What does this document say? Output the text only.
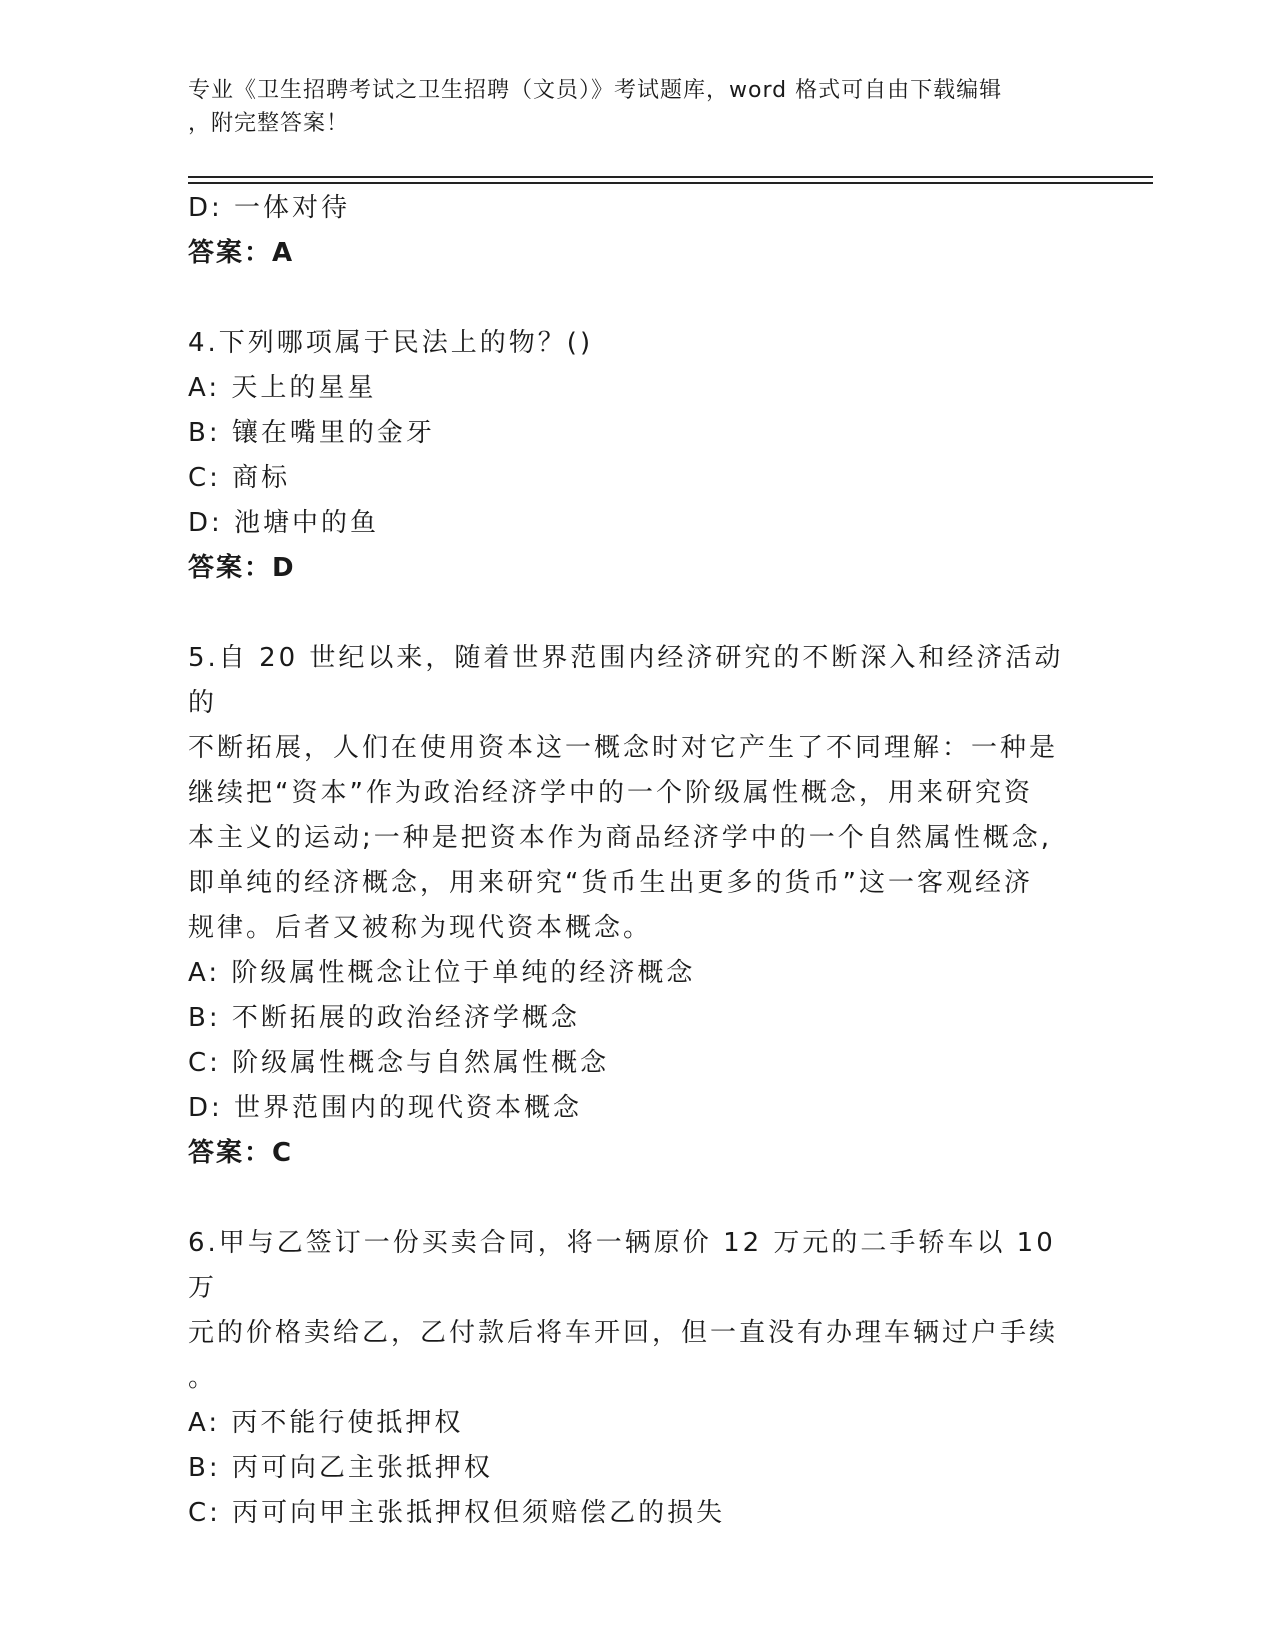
专业《卫生招聘考试之卫生招聘（文员）》考试题库，word 格式可自由下载编辑
，附完整答案！
D: 一体对待
答案：A
4.下列哪项属于民法上的物？()
A: 天上的星星
B: 镶在嘴里的金牙
C: 商标
D: 池塘中的鱼
答案：D
5.自 20 世纪以来，随着世界范围内经济研究的不断深入和经济活动的
不断拓展，人们在使用资本这一概念时对它产生了不同理解：一种是
继续把“资本”作为政治经济学中的一个阶级属性概念，用来研究资
本主义的运动;一种是把资本作为商品经济学中的一个自然属性概念,
即单纯的经济概念，用来研究“货币生出更多的货币”这一客观经济
规律。后者又被称为现代资本概念。
A: 阶级属性概念让位于单纯的经济概念
B: 不断拓展的政治经济学概念
C: 阶级属性概念与自然属性概念
D: 世界范围内的现代资本概念
答案：C
6.甲与乙签订一份买卖合同，将一辆原价 12 万元的二手轿车以 10 万
元的价格卖给乙，乙付款后将车开回，但一直没有办理车辆过户手续
。
A: 丙不能行使抵押权
B: 丙可向乙主张抵押权
C: 丙可向甲主张抵押权但须赔偿乙的损失
